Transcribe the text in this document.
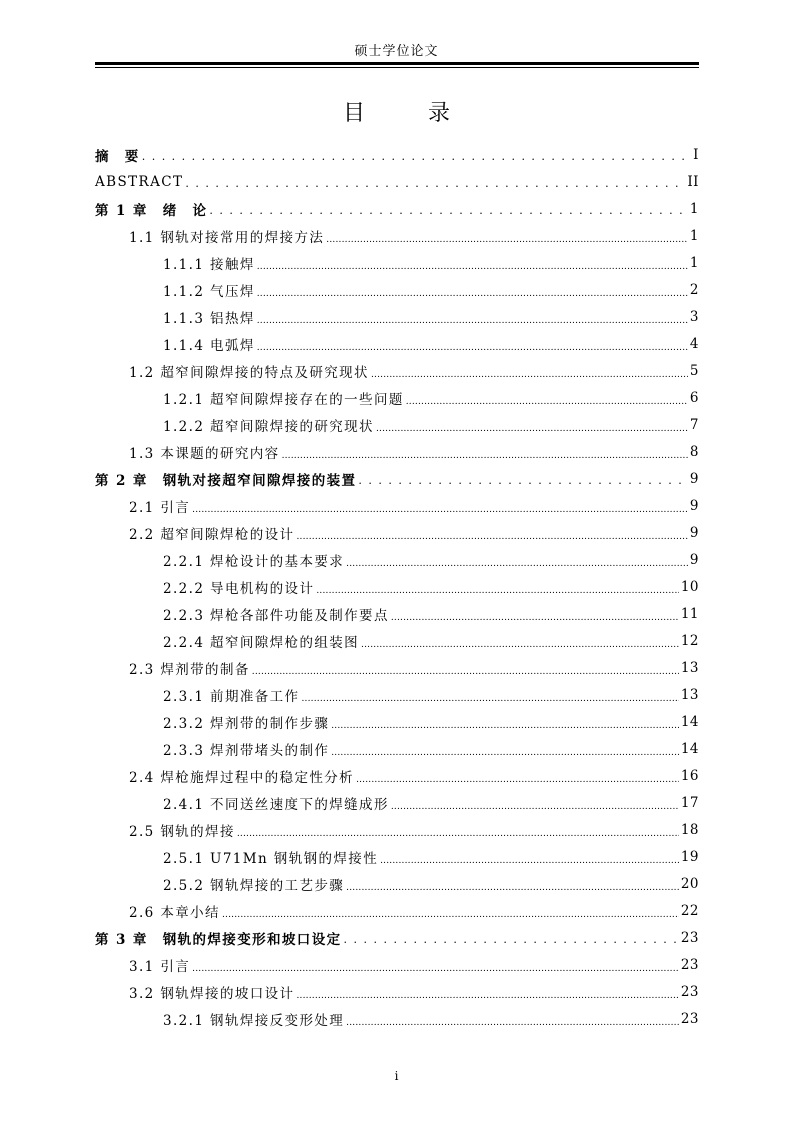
硕士学位论文
目 录
摘　要 . . .	I
ABSTRACT . . .	II
第 1 章　绪　论 . . .	1
1.1 钢轨对接常用的焊接方法 .....	1
1.1.1 接触焊 .....	1
1.1.2 气压焊 .....	2
1.1.3 铝热焊 .....	3
1.1.4 电弧焊 .....	4
1.2 超窄间隙焊接的特点及研究现状 .....	5
1.2.1 超窄间隙焊接存在的一些问题 .....	6
1.2.2 超窄间隙焊接的研究现状 .....	7
1.3 本课题的研究内容 .....	8
第 2 章　钢轨对接超窄间隙焊接的装置 . . .	9
2.1 引言 .....	9
2.2 超窄间隙焊枪的设计 .....	9
2.2.1 焊枪设计的基本要求 .....	9
2.2.2 导电机构的设计 .....	10
2.2.3 焊枪各部件功能及制作要点 .....	11
2.2.4 超窄间隙焊枪的组装图 .....	12
2.3 焊剂带的制备 .....	13
2.3.1 前期准备工作 .....	13
2.3.2 焊剂带的制作步骤 .....	14
2.3.3 焊剂带堵头的制作 .....	14
2.4 焊枪施焊过程中的稳定性分析 .....	16
2.4.1 不同送丝速度下的焊缝成形 .....	17
2.5 钢轨的焊接 .....	18
2.5.1 U71Mn 钢轨钢的焊接性 .....	19
2.5.2 钢轨焊接的工艺步骤 .....	20
2.6 本章小结 .....	22
第 3 章　钢轨的焊接变形和坡口设定 . . .	23
3.1 引言 .....	23
3.2 钢轨焊接的坡口设计 .....	23
3.2.1 钢轨焊接反变形处理 .....	23
i
